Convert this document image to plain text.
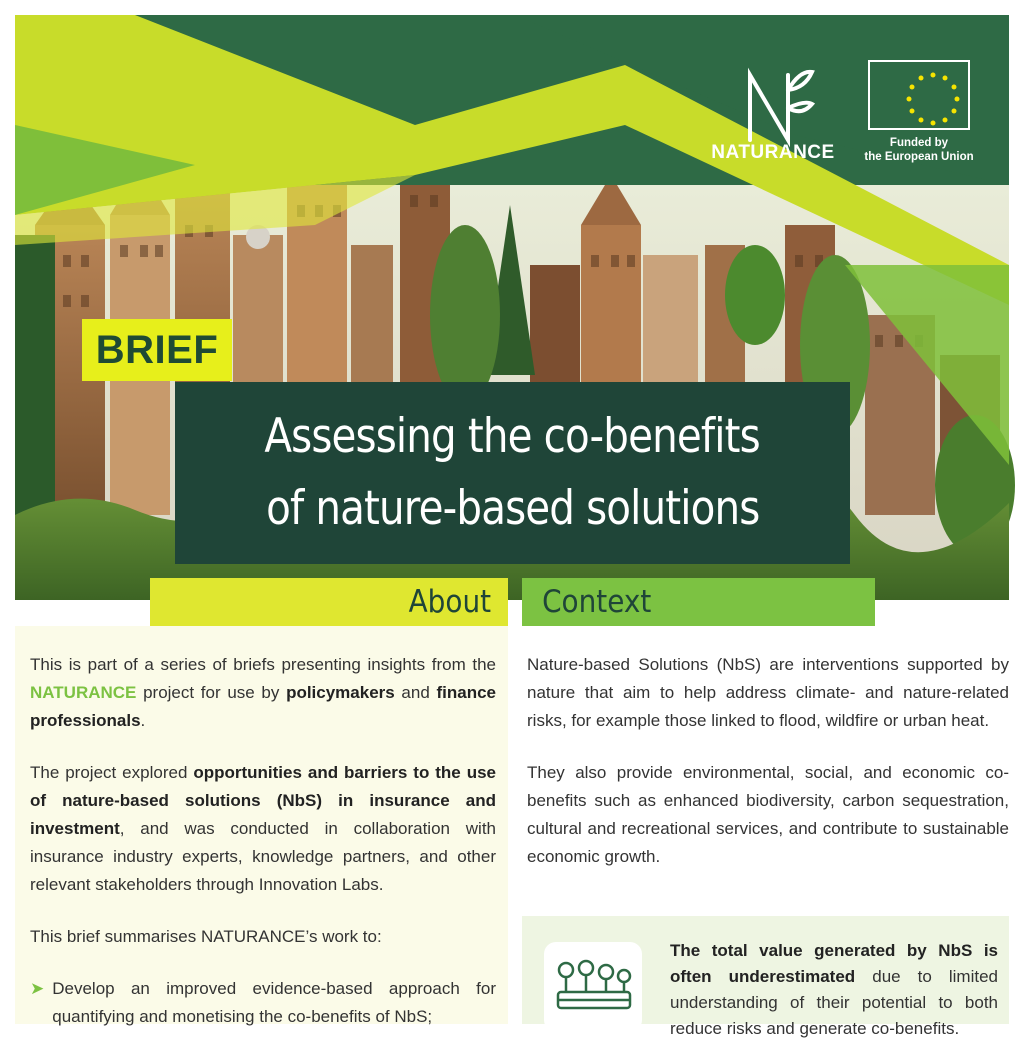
NATURANCE	Funded by
the European Union
BRIEF
Assessing the co-benefits
of nature-based solutions
About Context

This is part of a series of briefs presenting insights from the NATURANCE project for use by policymakers and finance professionals.

The project explored opportunities and barriers to the use of nature-based solutions (NbS) in insurance and investment, and was conducted in collaboration with insurance industry experts, knowledge partners, and other relevant stakeholders through Innovation Labs.

This brief summarises NATURANCE’s work to:

➤ Develop an improved evidence-based approach for quantifying and monetising the co-benefits of NbS;

Nature-based Solutions (NbS) are interventions supported by nature that aim to help address climate- and nature-related risks, for example those linked to flood, wildfire or urban heat.

They also provide environmental, social, and economic co-benefits such as enhanced biodiversity, carbon sequestration, cultural and recreational services, and contribute to sustainable economic growth.

The total value generated by NbS is often underestimated due to limited understanding of their potential to both reduce risks and generate co-benefits.
